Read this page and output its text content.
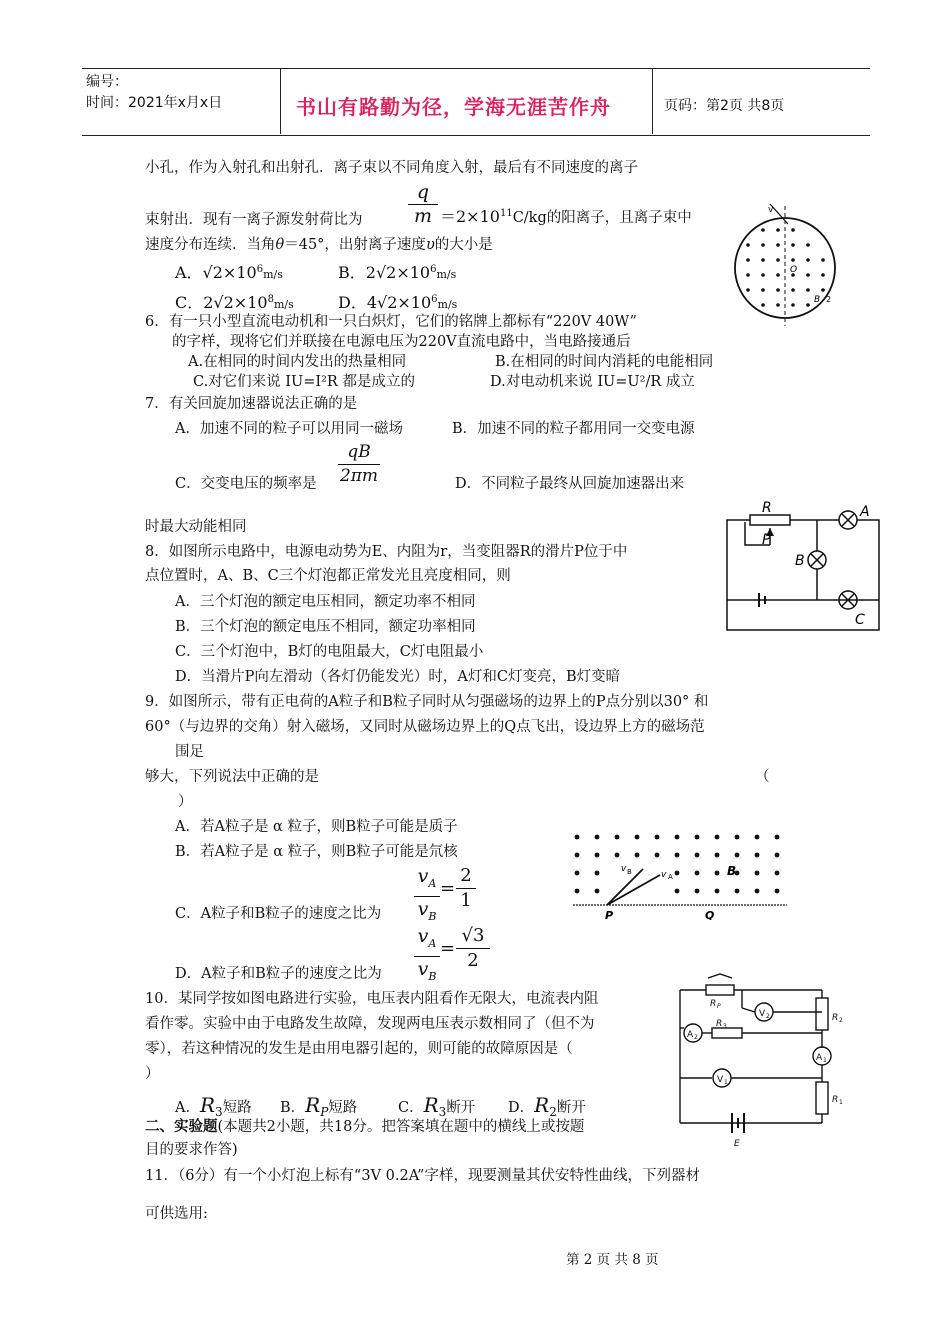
编号：
时间：2021年x月x日	书山有路勤为径，学海无涯苦作舟	页码：第2页 共8页
小孔，作为入射孔和出射孔．离子束以不同角度入射，最后有不同速度的离子
束射出．现有一离子源发射荷比为
q
$m =2\times 10^{11}C/kg$的阳离子，且离子束中
速度分布连续．当角θ＝45°，出射离子速度υ的大小是
A．$√2\times 10^6m/s$	B．$2√2\times 10^6m/s$
C．$2√2\times 10^8m/s$	D．$4√2\times 10^6m/s$
v
O
B 2
6．有一只小型直流电动机和一只白炽灯，它们的铭牌上都标有“220V 40W”
的字样，现将它们并联接在电源电压为220V直流电路中，当电路接通后
A.在相同的时间内发出的热量相同	B.在相同的时间内消耗的电能相同
C.对它们来说 IU=I²R 都是成立的	D.对电动机来说 IU=U²/R 成立
7．有关回旋加速器说法正确的是
A．加速不同的粒子可以用同一磁场	B．加速不同的粒子都用同一交变电源
C．交变电压的频率是
qB
2πm	D．不同粒子最终从回旋加速器出来
时最大动能相同
R
P
A
B
C
8．如图所示电路中，电源电动势为E、内阻为r，当变阻器R的滑片P位于中
点位置时，A、B、C三个灯泡都正常发光且亮度相同，则
A．三个灯泡的额定电压相同，额定功率不相同
B．三个灯泡的额定电压不相同，额定功率相同
C．三个灯泡中，B灯的电阻最大，C灯电阻最小
D．当滑片P向左滑动（各灯仍能发光）时，A灯和C灯变亮，B灯变暗
9．如图所示，带有正电荷的A粒子和B粒子同时从匀强磁场的边界上的P点分别以30° 和
60°（与边界的交角）射入磁场，又同时从磁场边界上的Q点飞出，设边界上方的磁场范
围足
够大，下列说法中正确的是	（
）
A．若A粒子是 α 粒子，则B粒子可能是质子
B．若A粒子是 α 粒子，则B粒子可能是氘核
v B	v A	B
P	Q
C．A粒子和B粒子的速度之比为
$v_A$
$v_B$
=
2
1
D．A粒子和B粒子的速度之比为
$v_A$
$v_B$
=
√3
2
10．某同学按如图电路进行实验，电压表内阻看作无限大，电流表内阻
看作零。实验中由于电路发生故障，发现两电压表示数相同了（但不为
零），若这种情况的发生是由用电器引起的，则可能的故障原因是（
）
A．$R_3$短路 B．$R_P$短路	C．$R_3$断开 D．$R_2$断开
R P
V 2	R 2
A 2
R 3
A 1
V 1
R 1
E
二、实验题(本题共2小题，共18分。把答案填在题中的横线上或按题
目的要求作答)
11．（6分）有一个小灯泡上标有“3V 0.2A”字样，现要测量其伏安特性曲线，下列器材
可供选用:
第 2 页 共 8 页
